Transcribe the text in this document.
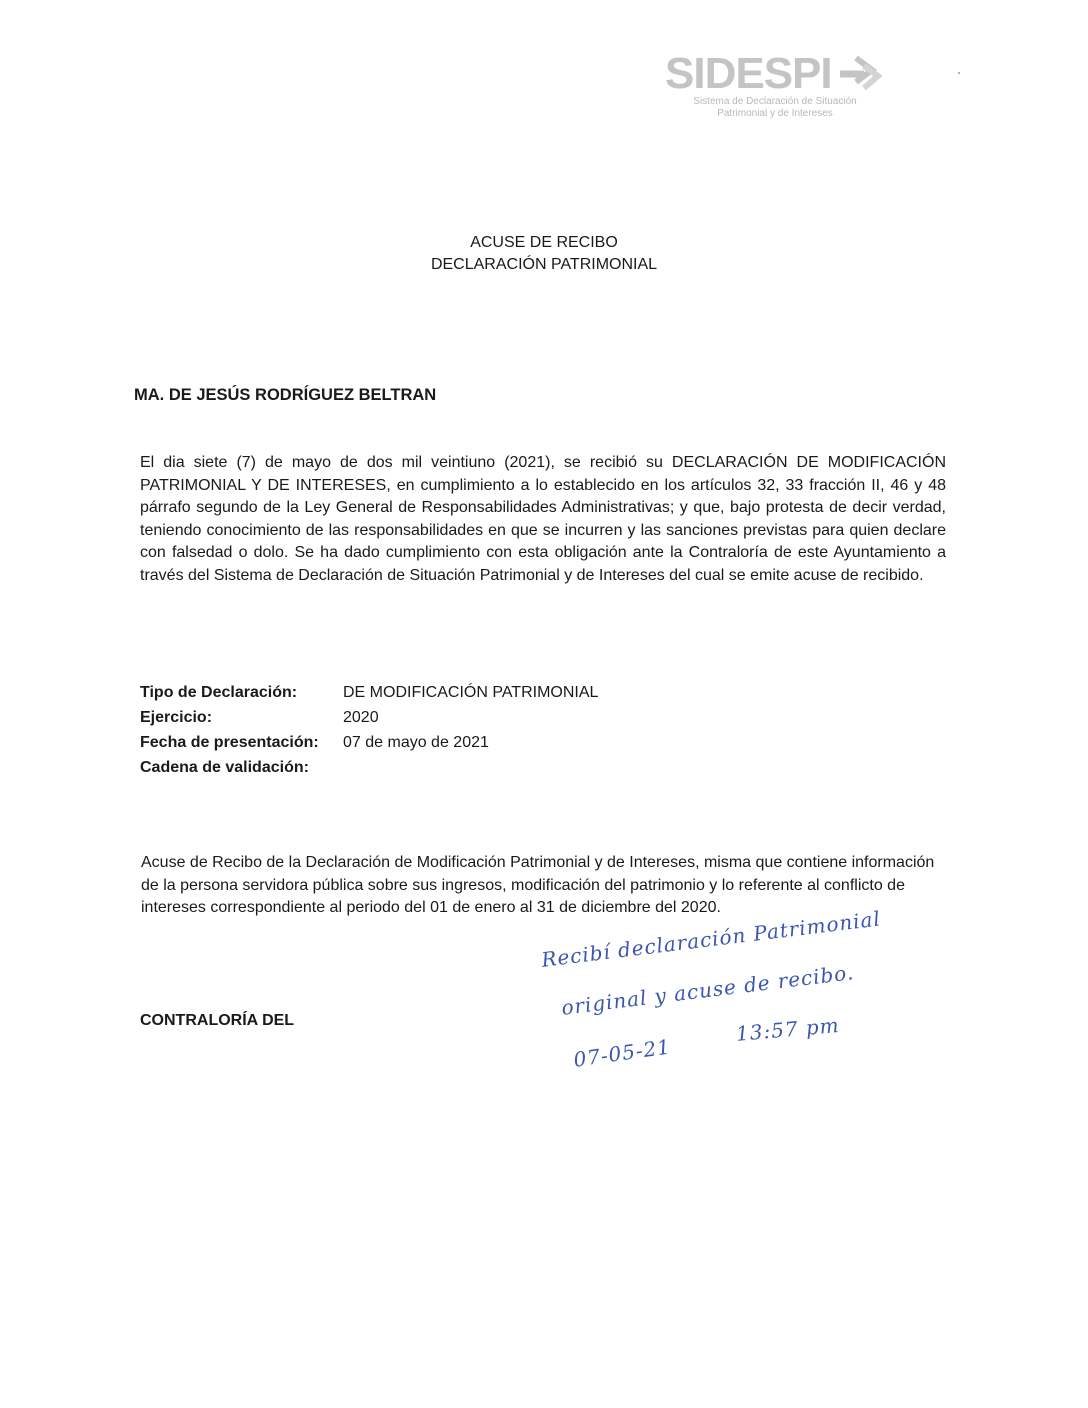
SIDESPI
Sistema de Declaración de Situación
Patrimonial y de Intereses
ACUSE DE RECIBO
DECLARACIÓN PATRIMONIAL
MA. DE JESÚS RODRÍGUEZ BELTRAN
El dia siete (7) de mayo de dos mil veintiuno (2021), se recibió su DECLARACIÓN DE MODIFICACIÓN PATRIMONIAL Y DE INTERESES, en cumplimiento a lo establecido en los artículos 32, 33 fracción II, 46 y 48 párrafo segundo de la Ley General de Responsabilidades Administrativas; y que, bajo protesta de decir verdad, teniendo conocimiento de las responsabilidades en que se incurren y las sanciones previstas para quien declare con falsedad o dolo. Se ha dado cumplimiento con esta obligación ante la Contraloría de este Ayuntamiento a través del Sistema de Declaración de Situación Patrimonial y de Intereses del cual se emite acuse de recibido.
Tipo de Declaración:	DE MODIFICACIÓN PATRIMONIAL
Ejercicio:	2020
Fecha de presentación:	07 de mayo de 2021
Cadena de validación:
Acuse de Recibo de la Declaración de Modificación Patrimonial y de Intereses, misma que contiene información de la persona servidora pública sobre sus ingresos, modificación del patrimonio y lo referente al conflicto de intereses correspondiente al periodo del 01 de enero al 31 de diciembre del 2020.
CONTRALORÍA DEL
Recibí declaración Patrimonial
original y acuse de recibo.
07-05-21
13:57 pm
